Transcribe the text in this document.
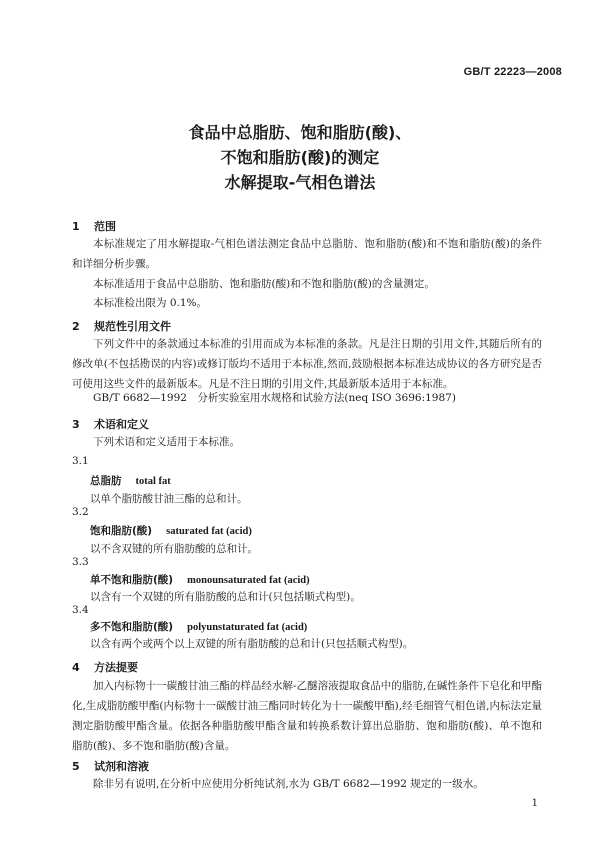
GB/T 22223—2008
食品中总脂肪、饱和脂肪(酸)、
不饱和脂肪(酸)的测定
水解提取-气相色谱法
1 范围
本标准规定了用水解提取-气相色谱法测定食品中总脂肪、饱和脂肪(酸)和不饱和脂肪(酸)的条件和详细分析步骤。
本标准适用于食品中总脂肪、饱和脂肪(酸)和不饱和脂肪(酸)的含量测定。
本标准检出限为 0.1%。
2 规范性引用文件
下列文件中的条款通过本标准的引用而成为本标准的条款。凡是注日期的引用文件,其随后所有的修改单(不包括勘误的内容)或修订版均不适用于本标准,然而,鼓励根据本标准达成协议的各方研究是否可使用这些文件的最新版本。凡是不注日期的引用文件,其最新版本适用于本标准。
GB/T 6682—1992　分析实验室用水规格和试验方法(neq ISO 3696:1987)
3 术语和定义
下列术语和定义适用于本标准。
3.1
总脂肪 total fat
以单个脂肪酸甘油三酯的总和计。
3.2
饱和脂肪(酸) saturated fat (acid)
以不含双键的所有脂肪酸的总和计。
3.3
单不饱和脂肪(酸) monounsaturated fat (acid)
以含有一个双键的所有脂肪酸的总和计(只包括顺式构型)。
3.4
多不饱和脂肪(酸) polyunstaturated fat (acid)
以含有两个或两个以上双键的所有脂肪酸的总和计(只包括顺式构型)。
4 方法提要
加入内标物十一碳酸甘油三酯的样品经水解-乙醚溶液提取食品中的脂肪,在碱性条件下皂化和甲酯化,生成脂肪酸甲酯(内标物十一碳酸甘油三酯同时转化为十一碳酸甲酯),经毛细管气相色谱,内标法定量测定脂肪酸甲酯含量。依据各种脂肪酸甲酯含量和转换系数计算出总脂肪、饱和脂肪(酸)、单不饱和脂肪(酸)、多不饱和脂肪(酸)含量。
5 试剂和溶液
除非另有说明,在分析中应使用分析纯试剂,水为 GB/T 6682—1992 规定的一级水。
1
